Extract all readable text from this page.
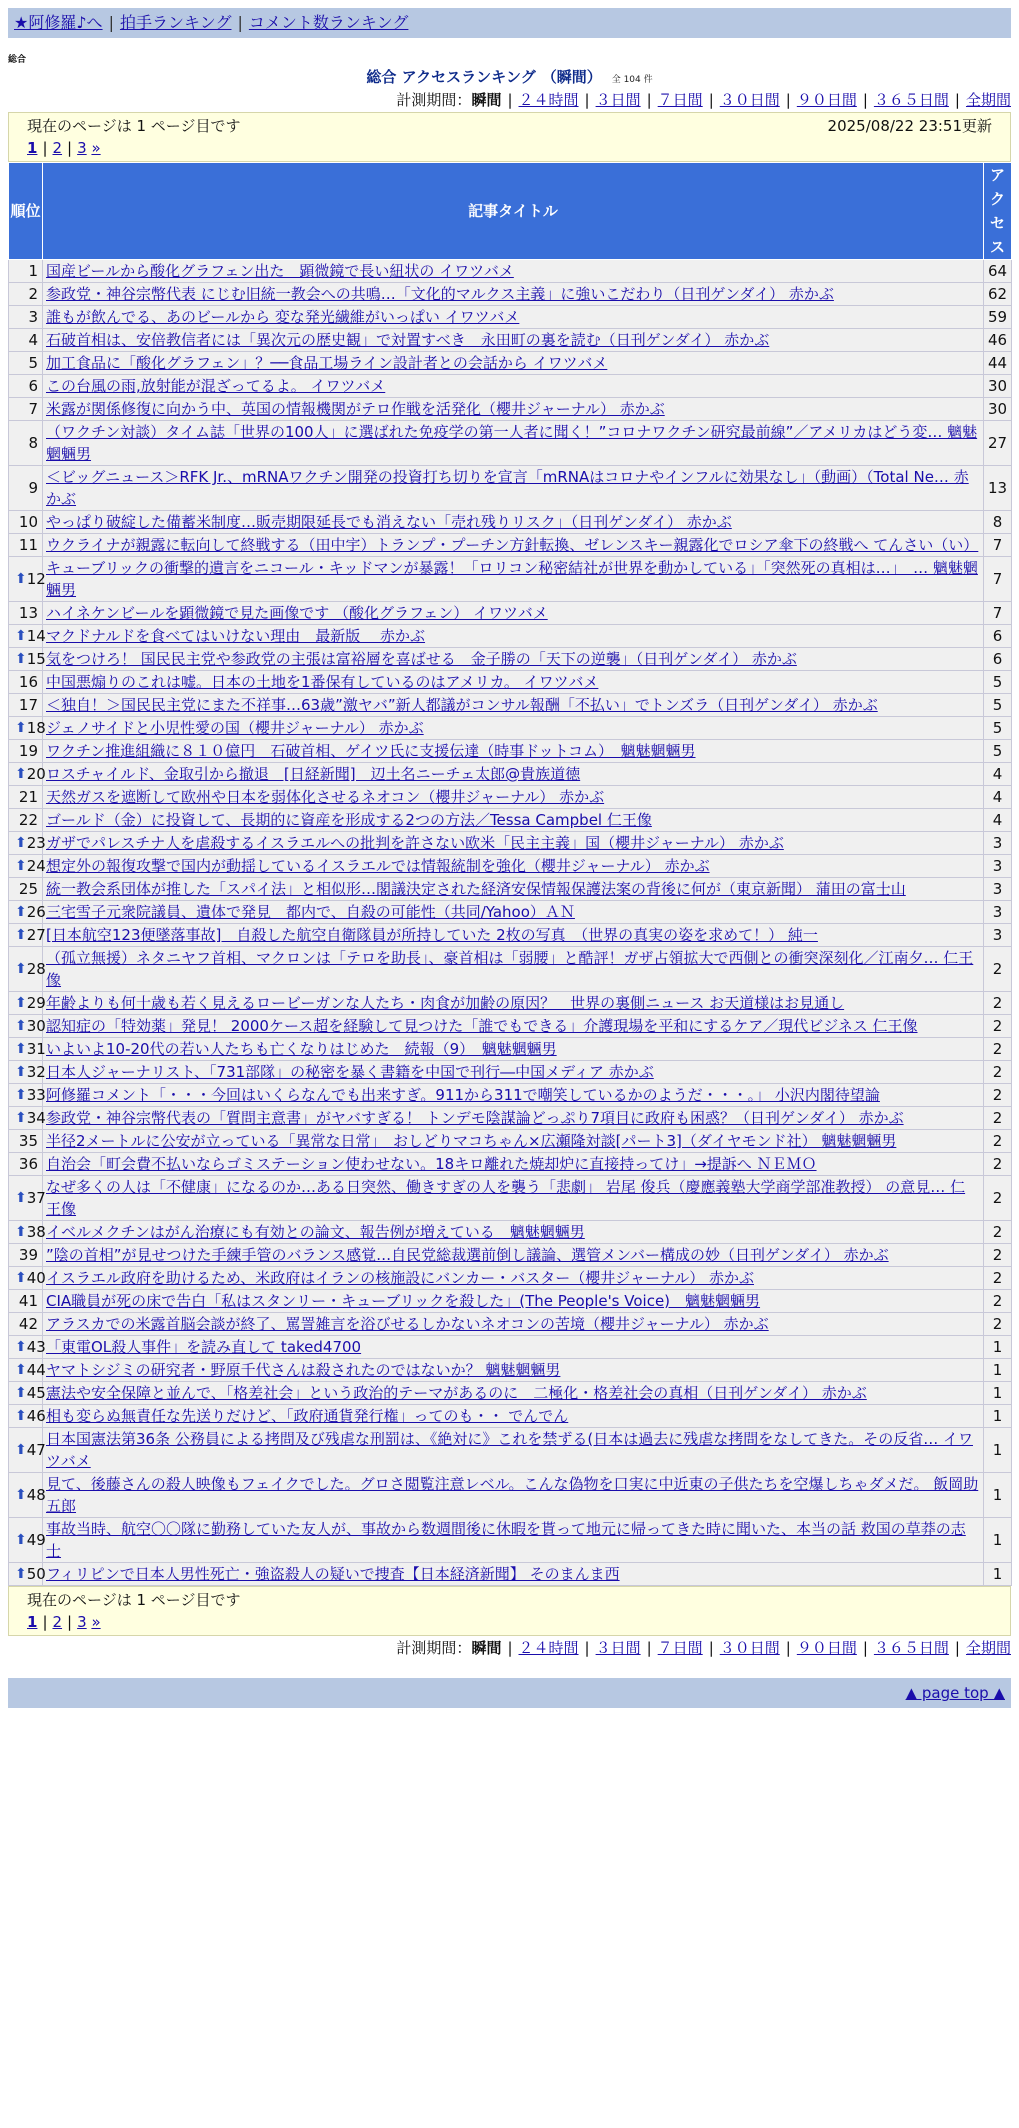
★阿修羅♪へ | 拍手ランキング | コメント数ランキング
総合
総合 アクセスランキング （瞬間） 全 104 件
計測期間：瞬間 | ２４時間 | ３日間 | ７日間 | ３０日間 | ９０日間 | ３６５日間 | 全期間
現在のページは 1 ページ目です	2025/08/22 23:51更新
1 | 2 | 3 »
順位	記事タイトル	アクセス
1	国産ビールから酸化グラフェン出た　顕微鏡で長い紐状の イワツバメ	64
2	参政党・神谷宗幣代表 にじむ旧統一教会への共鳴…「文化的マルクス主義」に強いこだわり（日刊ゲンダイ） 赤かぶ	62
3	誰もが飲んでる、あのビールから 変な発光繊維がいっぱい イワツバメ	59
4	石破首相は、安倍教信者には「異次元の歴史観」で対置すべき　永田町の裏を読む（日刊ゲンダイ） 赤かぶ	46
5	加工食品に「酸化グラフェン」？──食品工場ライン設計者との会話から イワツバメ	44
6	この台風の雨,放射能が混ざってるよ。 イワツバメ	30
7	米露が関係修復に向かう中、英国の情報機関がテロ作戦を活発化（櫻井ジャーナル） 赤かぶ	30
8	（ワクチン対談）タイム誌「世界の100人」に選ばれた免疫学の第一人者に聞く！”コロナワクチン研究最前線”／アメリカはどう変… 魑魅魍魎男	27
9	＜ビッグニュース＞RFK Jr.、mRNAワクチン開発の投資打ち切りを宣言「mRNAはコロナやインフルに効果なし」（動画）（Total Ne… 赤かぶ	13
10	やっぱり破綻した備蓄米制度…販売期限延長でも消えない「売れ残りリスク」（日刊ゲンダイ） 赤かぶ	8
11	ウクライナが親露に転向して終戦する（田中宇）トランプ・プーチン方針転換、ゼレンスキー親露化でロシア傘下の終戦へ てんさい（い）	7

⬆ 12	キューブリックの衝撃的遺言をニコール・キッドマンが暴露！「ロリコン秘密結社が世界を動かしている」「突然死の真相は…」　… 魑魅魍魎男	7
13	ハイネケンビールを顕微鏡で見た画像です （酸化グラフェン） イワツバメ	7

⬆ 14	マクドナルドを食べてはいけない理由　最新版　 赤かぶ	6

⬆ 15	気をつけろ！ 国民民主党や参政党の主張は富裕層を喜ばせる　金子勝の「天下の逆襲」（日刊ゲンダイ） 赤かぶ	6
16	中国悪煽りのこれは嘘。日本の土地を1番保有しているのはアメリカ。 イワツバメ	5
17	＜独自！＞国民民主党にまた不祥事…63歳”激ヤバ”新人都議がコンサル報酬「不払い」でトンズラ（日刊ゲンダイ） 赤かぶ	5

⬆ 18	ジェノサイドと小児性愛の国（櫻井ジャーナル） 赤かぶ	5
19	ワクチン推進組織に８１０億円　石破首相、ゲイツ氏に支援伝達（時事ドットコム）　魑魅魍魎男	5

⬆ 20	ロスチャイルド、金取引から撤退　[日経新聞]　辺土名ニーチェ太郎@貴族道徳	4
21	天然ガスを遮断して欧州や日本を弱体化させるネオコン（櫻井ジャーナル） 赤かぶ	4
22	ゴールド（金）に投資して、長期的に資産を形成する2つの方法／Tessa Campbel 仁王像	4

⬆ 23	ガザでパレスチナ人を虐殺するイスラエルへの批判を許さない欧米「民主主義」国（櫻井ジャーナル） 赤かぶ	3

⬆ 24	想定外の報復攻撃で国内が動揺しているイスラエルでは情報統制を強化（櫻井ジャーナル） 赤かぶ	3
25	統一教会系団体が推した「スパイ法」と相似形…閣議決定された経済安保情報保護法案の背後に何が（東京新聞） 蒲田の富士山	3

⬆ 26	三宅雪子元衆院議員、遺体で発見　都内で、自殺の可能性（共同/Yahoo）ＡＮ	3

⬆ 27	[日本航空123便墜落事故]　自殺した航空自衛隊員が所持していた 2枚の写真　（世界の真実の姿を求めて！） 純一	3

⬆ 28	（孤立無援）ネタニヤフ首相、マクロンは「テロを助長」、豪首相は「弱腰」と酷評！ガザ占領拡大で西側との衝突深刻化／江南夕… 仁王像	2

⬆ 29	年齢よりも何十歳も若く見えるロービーガンな人たち・肉食が加齢の原因？　世界の裏側ニュース お天道様はお見通し	2

⬆ 30	認知症の「特効薬」発見！ 2000ケース超を経験して見つけた「誰でもできる」介護現場を平和にするケア／現代ビジネス 仁王像	2

⬆ 31	いよいよ10-20代の若い人たちも亡くなりはじめた　続報（9）　魑魅魍魎男	2

⬆ 32	日本人ジャーナリスト、「731部隊」の秘密を暴く書籍を中国で刊行―中国メディア 赤かぶ	2

⬆ 33	阿修羅コメント「・・・今回はいくらなんでも出来すぎ。911から311で嘲笑しているかのようだ・・・。」 小沢内閣待望論	2

⬆ 34	参政党・神谷宗幣代表の「質問主意書」がヤバすぎる！ トンデモ陰謀論どっぷり7項目に政府も困惑？（日刊ゲンダイ） 赤かぶ	2
35	半径2メートルに公安が立っている「異常な日常」　おしどりマコちゃん×広瀬隆対談[パート3]（ダイヤモンド社） 魑魅魍魎男	2
36	自治会「町会費不払いならゴミステーション使わせない。18キロ離れた焼却炉に直接持ってけ」→提訴へ ＮＥＭＯ	2

⬆ 37	なぜ多くの人は「不健康」になるのか…ある日突然、働きすぎの人を襲う「悲劇」 岩尾 俊兵（慶應義塾大学商学部准教授） の意見… 仁王像	2

⬆ 38	イベルメクチンはがん治療にも有効との論文、報告例が増えている　魑魅魍魎男	2
39	”陰の首相”が見せつけた手練手管のバランス感覚…自民党総裁選前倒し議論、選管メンバー構成の妙（日刊ゲンダイ） 赤かぶ	2

⬆ 40	イスラエル政府を助けるため、米政府はイランの核施設にバンカー・バスター（櫻井ジャーナル） 赤かぶ	2
41	CIA職員が死の床で告白「私はスタンリー・キューブリックを殺した」(The People's Voice)　魑魅魍魎男	2
42	アラスカでの米露首脳会談が終了、罵詈雑言を浴びせるしかないネオコンの苦境（櫻井ジャーナル） 赤かぶ	2

⬆ 43	「東電OL殺人事件」を読み直して taked4700	1

⬆ 44	ヤマトシジミの研究者・野原千代さんは殺されたのではないか？ 魑魅魍魎男	1

⬆ 45	憲法や安全保障と並んで、「格差社会」という政治的テーマがあるのに　二極化・格差社会の真相（日刊ゲンダイ） 赤かぶ	1

⬆ 46	相も変らぬ無責任な先送りだけど、「政府通貨発行権」ってのも・・ でんでん	1

⬆ 47	日本国憲法第36条 公務員による拷問及び残虐な刑罰は、《絶対に》これを禁ずる(日本は過去に残虐な拷問をなしてきた。その反省… イワツバメ	1

⬆ 48	見て、後藤さんの殺人映像もフェイクでした。グロさ閲覧注意レベル。こんな偽物を口実に中近東の子供たちを空爆しちゃダメだ。 飯岡助五郎	1

⬆ 49	事故当時、航空〇〇隊に勤務していた友人が、事故から数週間後に休暇を貰って地元に帰ってきた時に聞いた、本当の話 救国の草莽の志士	1

⬆ 50	フィリピンで日本人男性死亡・強盗殺人の疑いで捜査【日本経済新聞】 そのまんま西	1
現在のページは 1 ページ目です
1 | 2 | 3 »
計測期間：瞬間 | ２４時間 | ３日間 | ７日間 | ３０日間 | ９０日間 | ３６５日間 | 全期間
▲ page top ▲
